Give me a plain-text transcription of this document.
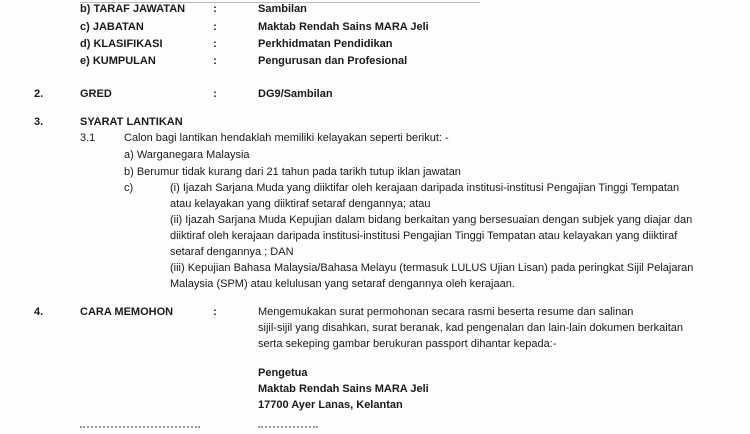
b) TARAF JAWATAN	:	Sambilan
c) JABATAN	:	Maktab Rendah Sains MARA Jeli
d) KLASIFIKASI	:	Perkhidmatan Pendidikan
e) KUMPULAN	:	Pengurusan dan Profesional
2.	GRED	:	DG9/Sambilan
3.	SYARAT LANTIKAN
3.1	Calon bagi lantikan hendaklah memiliki kelayakan seperti berikut: -
a) Warganegara Malaysia
b) Berumur tidak kurang dari 21 tahun pada tarikh tutup iklan jawatan
c)	(i) Ijazah Sarjana Muda yang diiktifar oleh kerajaan daripada institusi-institusi Pengajian Tinggi Tempatan
atau kelayakan yang diiktiraf setaraf dengannya; atau
(ii) Ijazah Sarjana Muda Kepujian dalam bidang berkaitan yang bersesuaian dengan subjek yang diajar dan
diiktiraf oleh kerajaan daripada institusi-institusi Pengajian Tinggi Tempatan atau kelayakan yang diiktiraf
setaraf dengannya ; DAN
(iii) Kepujian Bahasa Malaysia/Bahasa Melayu (termasuk LULUS Ujian Lisan) pada peringkat Sijil Pelajaran
Malaysia (SPM) atau kelulusan yang setaraf dengannya oleh kerajaan.
4.	CARA MEMOHON	:	Mengemukakan surat permohonan secara rasmi beserta resume dan salinan
sijil-sijil yang disahkan, surat beranak, kad pengenalan dan lain-lain dokumen berkaitan
serta sekeping gambar berukuran passport dihantar kepada:-
Pengetua
Maktab Rendah Sains MARA Jeli
17700 Ayer Lanas, Kelantan
